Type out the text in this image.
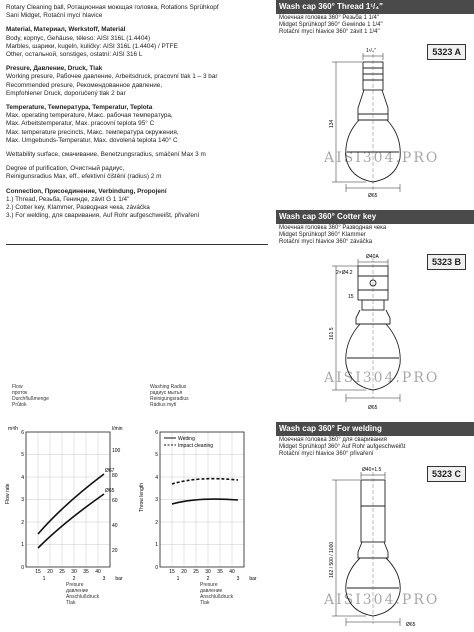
Rotary Cleaning ball, Ротационная моющая головка, Rotations Sprühkopf
Sani Midget, Rotační mycí hlavice
Material, Материал, Werkstoff, Materiál
Body, корпус, Gehäuse, těleso: AISI 316L (1.4404)
Marbles, шарики, kugeln, kuličky: AISI 316L (1.4404) / PTFE
Other, остальной, sonstiges, ostatní: AISI 316 L
Presure, Давление, Druck, Tlak
Working presure, Рабочее давление, Arbeitsdruck, pracovní tlak 1 – 3 bar
Recommended presure, Рекомендованное давление,
Empfohlener Druck, doporučený tlak 2 bar
Temperature, Температура, Temperatur, Teplota
Max. operating temperature, Макс. рабочая температура,
Max. Arbeitstemperatur, Max. pracovní teplota 95° C
Max. temperature precincts, Макс. температура окружения,
Max. Umgebunds-Temperatur, Max. dovolená teplota 140° C
Wettability surface, смачивание, Benetzungsradius, smáčení Max 3 m
Degree of purification, Очистный радиус,
Reinigunsradius Max, eff., efektivní čištění (radius) 2 m
Connection, Присоединение, Verbindung, Propojení
1.) Thread, Резьба, Гениндe, závit G 1 1/4"
2.) Cotter key, Klammer, Разводная чека, záváčka
3.) For welding, для сваривания, Auf Rohr aufgeschweißt, přivaření
Flow
проток
Durchflußmenge
Průtok
Ø67
Ø65
m³/h	l/min
Flow rate
6
5
4
3
2
1
0
100
80
60
40
20
15 20 25 30 35 40
1	2	3 bar
Presure
давление
Anschlußdruck
Tlak
Washing Radius
радиус мытья
Reinigungsradius
Rádius mytí
Wetting
Impact cleaning
Throw length
6
5
4
3
2
1
0
15 20 25 30 35 40
1	2	3 bar
Presure
давление
Anschlußdruck
Tlak
Wash cap 360° Thread 1¹/₄"
Моечная головка 360° Резьба 1 1/4"
Midget Sprühkopf 360° Gewinde 1 1/4"
Rotační mycí hlavice 360° závit 1 1/4"
5323 A
1¹/₄"
134
Ø65
AISI304.PRO
Wash cap 360° Cotter key
Моечная головка 360° Разводная чека
Midget Sprühkopf 360° Klammer
Rotační mycí hlavice 360° záváčka
5323 B
2×Ø4.2
Ø40A
15
161.5
Ø65
AISI304.PRO
Wash cap 360° For welding
Моечная головка 360° для сваривания
Midget Sprühkopf 360° Auf Rohr aufgeschweißt
Rotační mycí hlavice 360° přivaření
5323 C
Ø40×1.5
162 / 500 / 1000
Ø65
AISI304.PRO
